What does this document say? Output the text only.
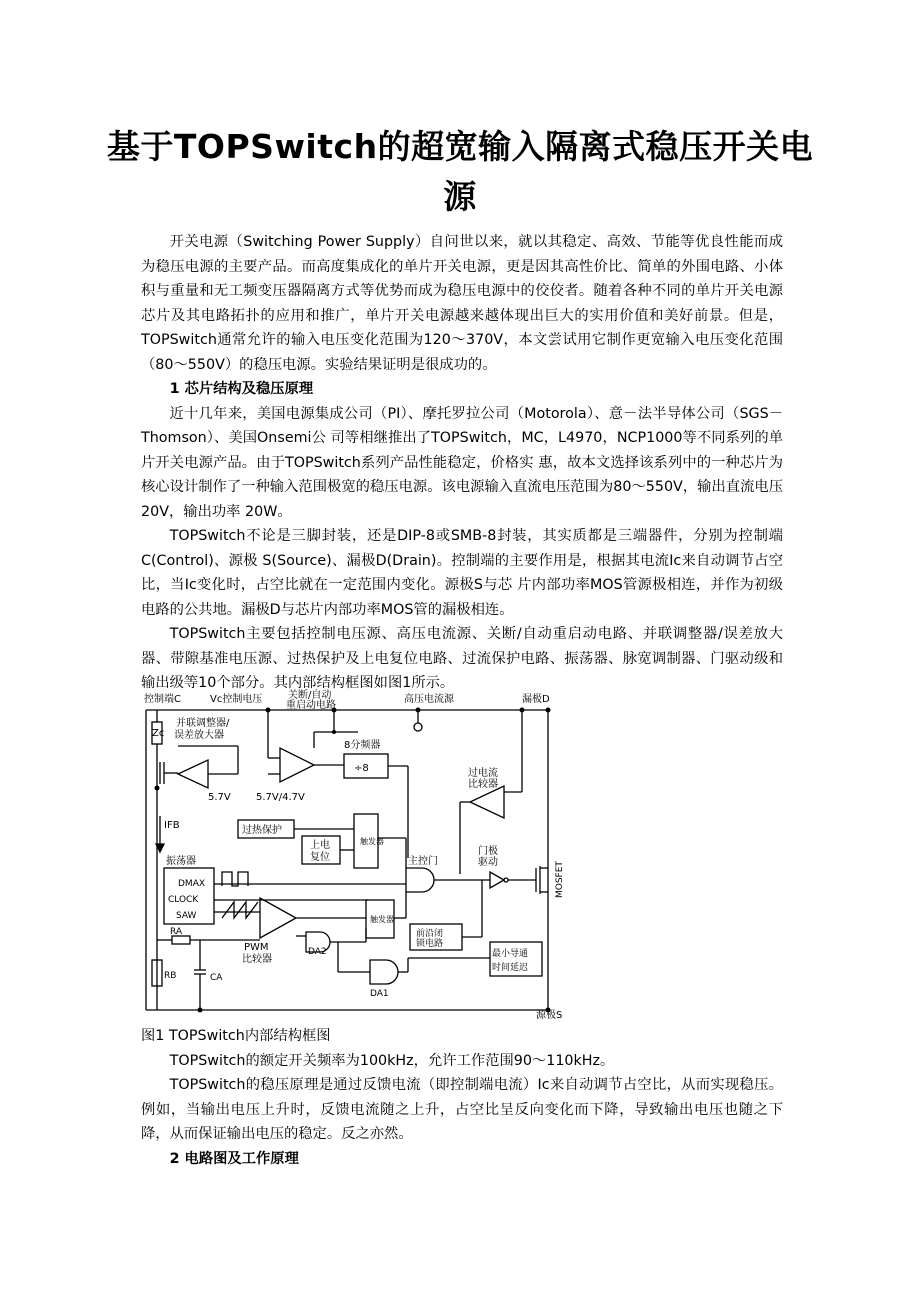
基于TOPSwitch的超宽输入隔离式稳压开关电源

开关电源（Switching Power Supply）自问世以来，就以其稳定、高效、节能等优良性能而成为稳压电源的主要产品。而高度集成化的单片开关电源，更是因其高性价比、简单的外围电路、小体积与重量和无工频变压器隔离方式等优势而成为稳压电源中的佼佼者。随着各种不同的单片开关电源芯片及其电路拓扑的应用和推广，单片开关电源越来越体现出巨大的实用价值和美好前景。但是，TOPSwitch通常允许的输入电压变化范围为120～370V，本文尝试用它制作更宽输入电压变化范围（80～550V）的稳压电源。实验结果证明是很成功的。

1 芯片结构及稳压原理

近十几年来，美国电源集成公司（PI）、摩托罗拉公司（Motorola）、意－法半导体公司（SGS－Thomson）、美国Onsemi公 司等相继推出了TOPSwitch，MC，L4970，NCP1000等不同系列的单片开关电源产品。由于TOPSwitch系列产品性能稳定，价格实 惠，故本文选择该系列中的一种芯片为核心设计制作了一种输入范围极宽的稳压电源。该电源输入直流电压范围为80～550V，输出直流电压20V，输出功率 20W。

TOPSwitch不论是三脚封装，还是DIP-8或SMB-8封装，其实质都是三端器件，分别为控制端C(Control)、源极 S(Source)、漏极D(Drain)。控制端的主要作用是，根据其电流Ic来自动调节占空比，当Ic变化时，占空比就在一定范围内变化。源极S与芯 片内部功率MOS管源极相连，并作为初级电路的公共地。漏极D与芯片内部功率MOS管的漏极相连。

TOPSwitch主要包括控制电压源、高压电流源、关断/自动重启动电路、并联调整器/误差放大器、带隙基准电压源、过热保护及上电复位电路、过流保护电路、振荡器、脉宽调制器、门驱动级和输出级等10个部分。其内部结构框图如图1所示。

控制端C	Vc控制电压	关断/自动
重启动电路
高压电流源	漏极D
Zc
并联调整器/
误差放大器
8分频器
÷8
5.7V	5.7V/4.7V
过电流
比较器
IFB	过热保护
上电
复位
触发器
主控门
门极
驱动	MOSFET
振荡器
DMAX
CLOCK
SAW
RA
RB	CA
PWM
比较器
DA2
DA1
触发器
前沿闭
锁电路
最小导通
时间延迟
源极S

图1 TOPSwitch内部结构框图

TOPSwitch的额定开关频率为100kHz，允许工作范围90～110kHz。

TOPSwitch的稳压原理是通过反馈电流（即控制端电流）Ic来自动调节占空比，从而实现稳压。例如，当输出电压上升时，反馈电流随之上升，占空比呈反向变化而下降，导致输出电压也随之下降，从而保证输出电压的稳定。反之亦然。

2 电路图及工作原理
